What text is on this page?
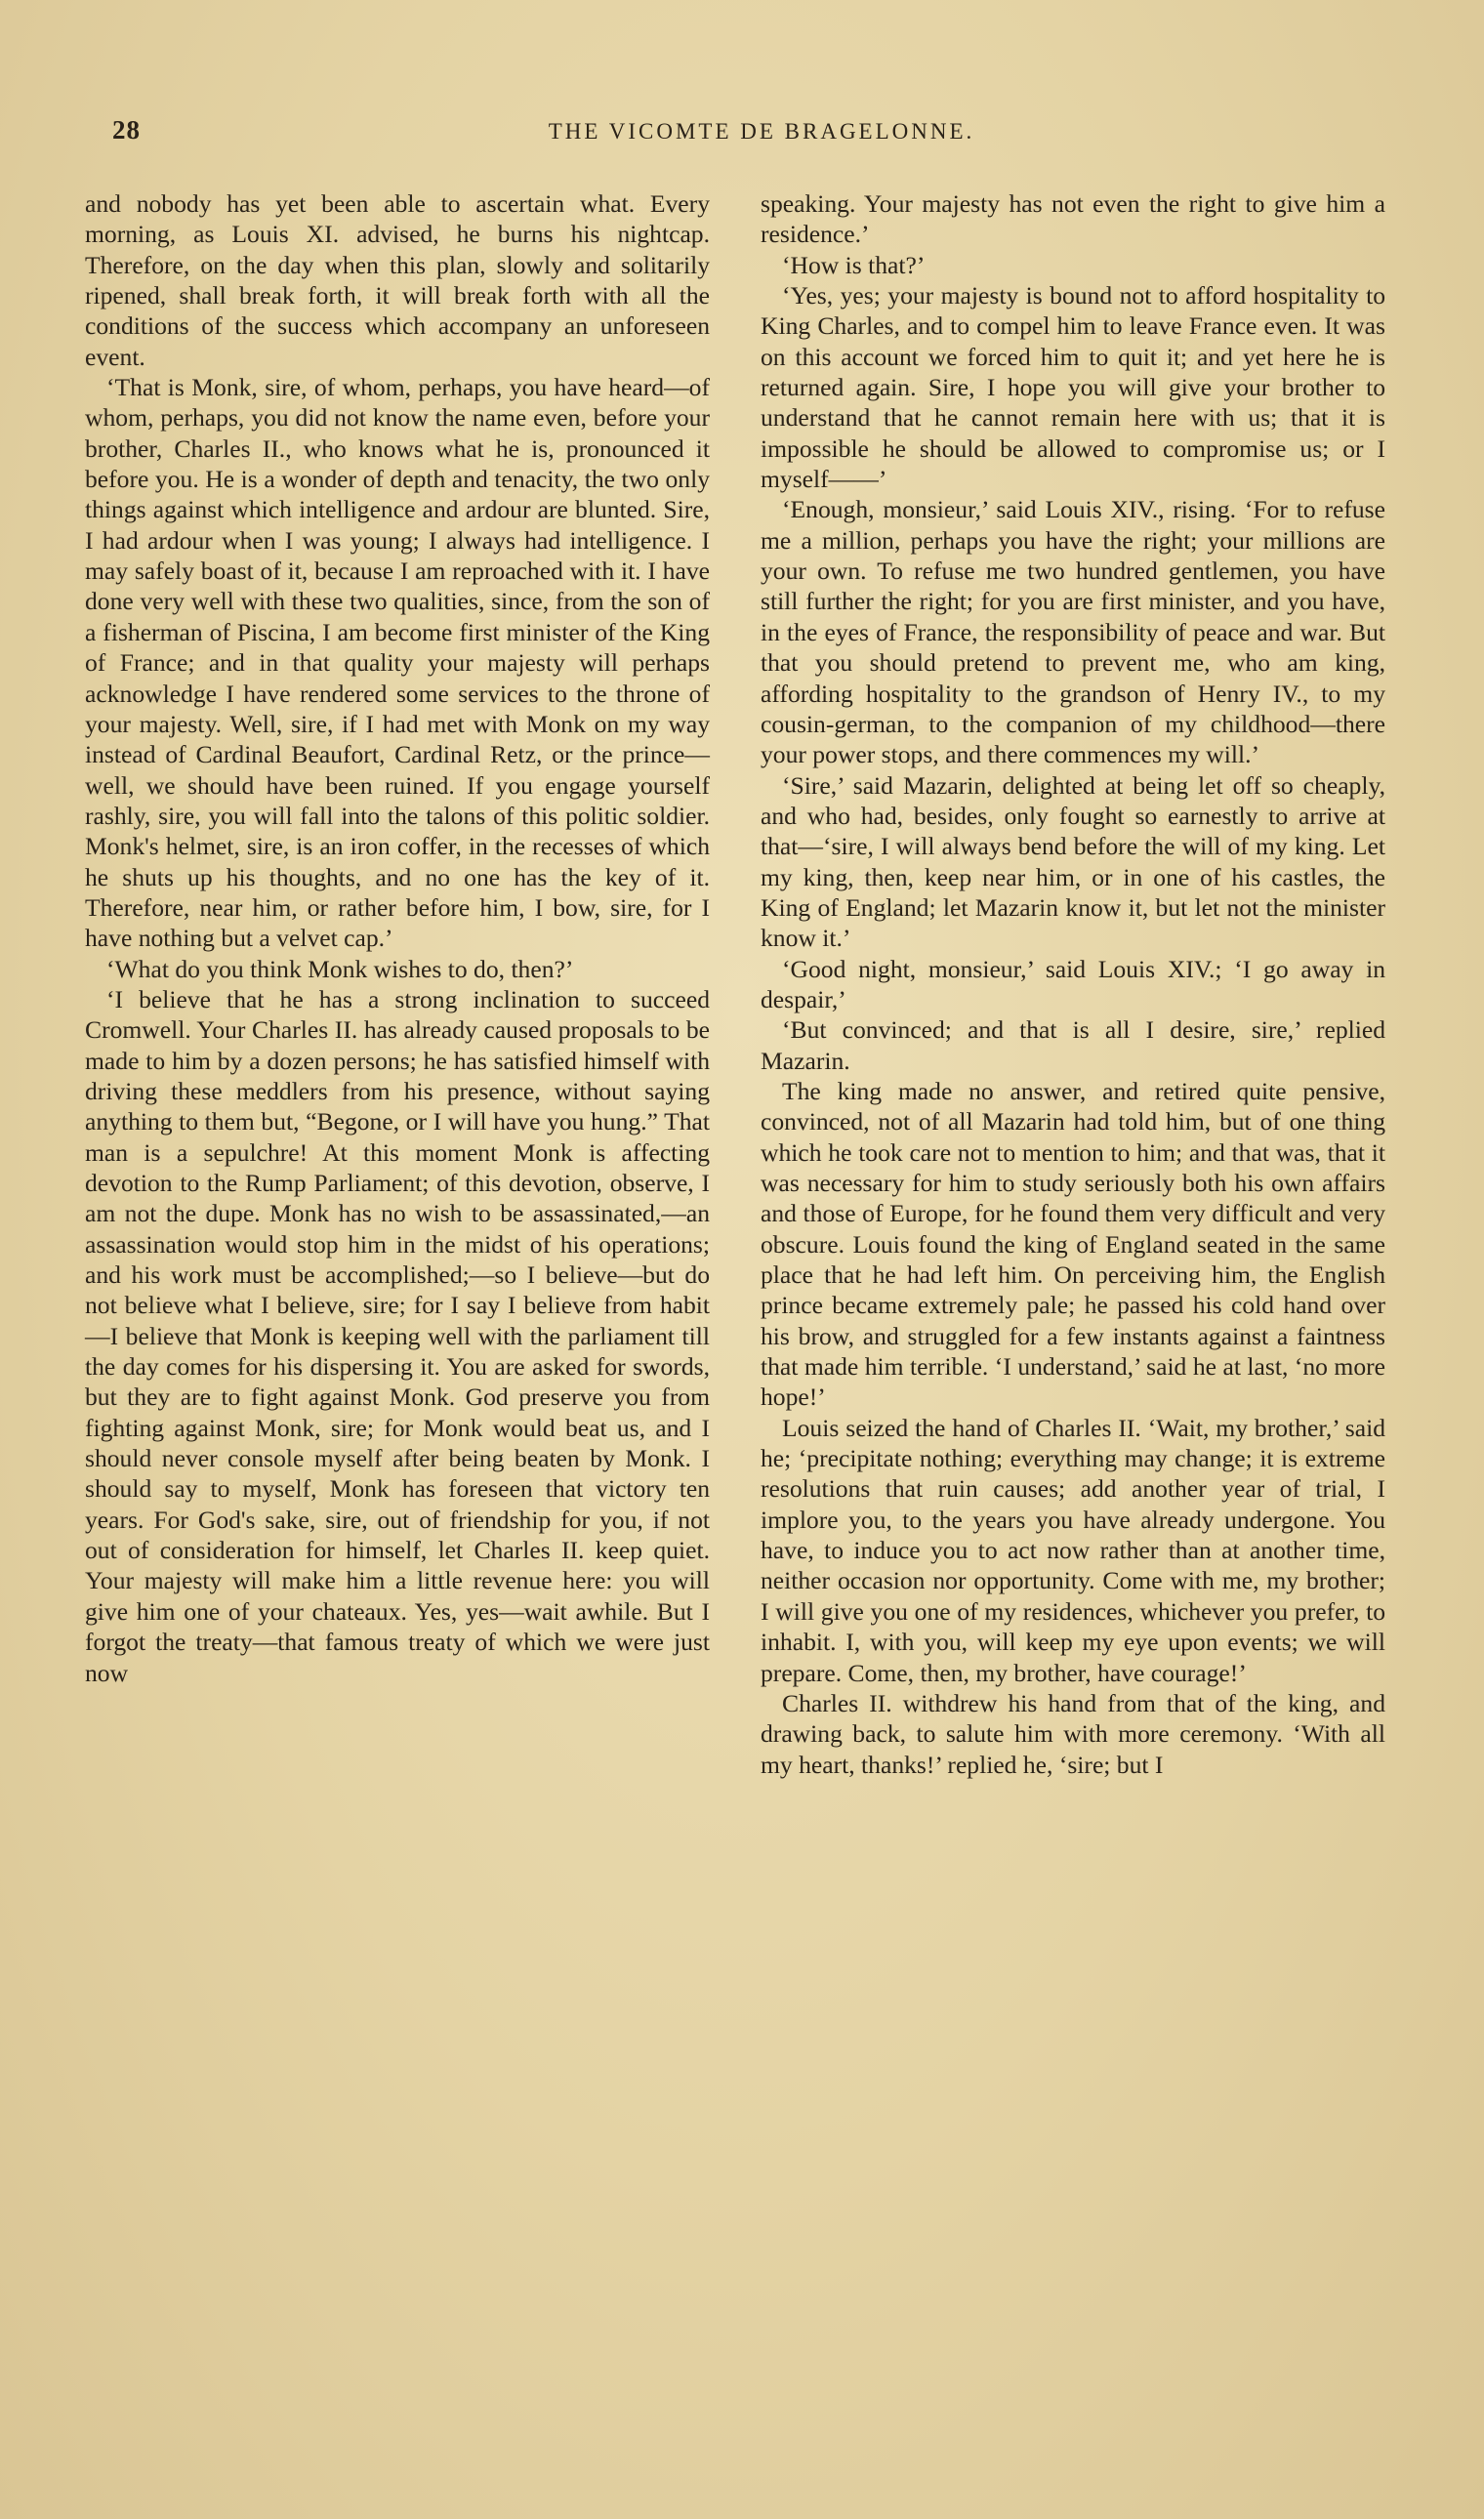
28	THE VICOMTE DE BRAGELONNE.

and nobody has yet been able to ascertain what. Every morning, as Louis XI. advised, he burns his nightcap. Therefore, on the day when this plan, slowly and solitarily ripened, shall break forth, it will break forth with all the conditions of the success which accompany an unforeseen event.

‘That is Monk, sire, of whom, perhaps, you have heard—of whom, perhaps, you did not know the name even, before your brother, Charles II., who knows what he is, pronounced it before you. He is a wonder of depth and tenacity, the two only things against which intelligence and ardour are blunted. Sire, I had ardour when I was young; I always had intelligence. I may safely boast of it, because I am reproached with it. I have done very well with these two qualities, since, from the son of a fisherman of Piscina, I am become first minister of the King of France; and in that quality your majesty will perhaps acknowledge I have rendered some services to the throne of your majesty. Well, sire, if I had met with Monk on my way instead of Cardinal Beaufort, Cardinal Retz, or the prince—well, we should have been ruined. If you engage yourself rashly, sire, you will fall into the talons of this politic soldier. Monk's helmet, sire, is an iron coffer, in the recesses of which he shuts up his thoughts, and no one has the key of it. Therefore, near him, or rather before him, I bow, sire, for I have nothing but a velvet cap.’

‘What do you think Monk wishes to do, then?’

‘I believe that he has a strong inclination to succeed Cromwell. Your Charles II. has already caused proposals to be made to him by a dozen persons; he has satisfied himself with driving these meddlers from his presence, without saying anything to them but, “Begone, or I will have you hung.” That man is a sepulchre! At this moment Monk is affecting devotion to the Rump Parliament; of this devotion, observe, I am not the dupe. Monk has no wish to be assassinated,—an assassination would stop him in the midst of his operations; and his work must be accomplished;—so I believe—but do not believe what I believe, sire; for I say I believe from habit—I believe that Monk is keeping well with the parliament till the day comes for his dispersing it. You are asked for swords, but they are to fight against Monk. God preserve you from fighting against Monk, sire; for Monk would beat us, and I should never console myself after being beaten by Monk. I should say to myself, Monk has foreseen that victory ten years. For God's sake, sire, out of friendship for you, if not out of consideration for himself, let Charles II. keep quiet. Your majesty will make him a little revenue here: you will give him one of your chateaux. Yes, yes—wait awhile. But I forgot the treaty—that famous treaty of which we were just now

speaking. Your majesty has not even the right to give him a residence.’

‘How is that?’

‘Yes, yes; your majesty is bound not to afford hospitality to King Charles, and to compel him to leave France even. It was on this account we forced him to quit it; and yet here he is returned again. Sire, I hope you will give your brother to understand that he cannot remain here with us; that it is impossible he should be allowed to compromise us; or I myself——’

‘Enough, monsieur,’ said Louis XIV., rising. ‘For to refuse me a million, perhaps you have the right; your millions are your own. To refuse me two hundred gentlemen, you have still further the right; for you are first minister, and you have, in the eyes of France, the responsibility of peace and war. But that you should pretend to prevent me, who am king, affording hospitality to the grandson of Henry IV., to my cousin-german, to the companion of my childhood—there your power stops, and there commences my will.’

‘Sire,’ said Mazarin, delighted at being let off so cheaply, and who had, besides, only fought so earnestly to arrive at that—‘sire, I will always bend before the will of my king. Let my king, then, keep near him, or in one of his castles, the King of England; let Mazarin know it, but let not the minister know it.’

‘Good night, monsieur,’ said Louis XIV.; ‘I go away in despair,’

‘But convinced; and that is all I desire, sire,’ replied Mazarin.

The king made no answer, and retired quite pensive, convinced, not of all Mazarin had told him, but of one thing which he took care not to mention to him; and that was, that it was necessary for him to study seriously both his own affairs and those of Europe, for he found them very difficult and very obscure. Louis found the king of England seated in the same place that he had left him. On perceiving him, the English prince became extremely pale; he passed his cold hand over his brow, and struggled for a few instants against a faintness that made him terrible. ‘I understand,’ said he at last, ‘no more hope!’

Louis seized the hand of Charles II. ‘Wait, my brother,’ said he; ‘precipitate nothing; everything may change; it is extreme resolutions that ruin causes; add another year of trial, I implore you, to the years you have already undergone. You have, to induce you to act now rather than at another time, neither occasion nor opportunity. Come with me, my brother; I will give you one of my residences, whichever you prefer, to inhabit. I, with you, will keep my eye upon events; we will prepare. Come, then, my brother, have courage!’

Charles II. withdrew his hand from that of the king, and drawing back, to salute him with more ceremony. ‘With all my heart, thanks!’ replied he, ‘sire; but I
